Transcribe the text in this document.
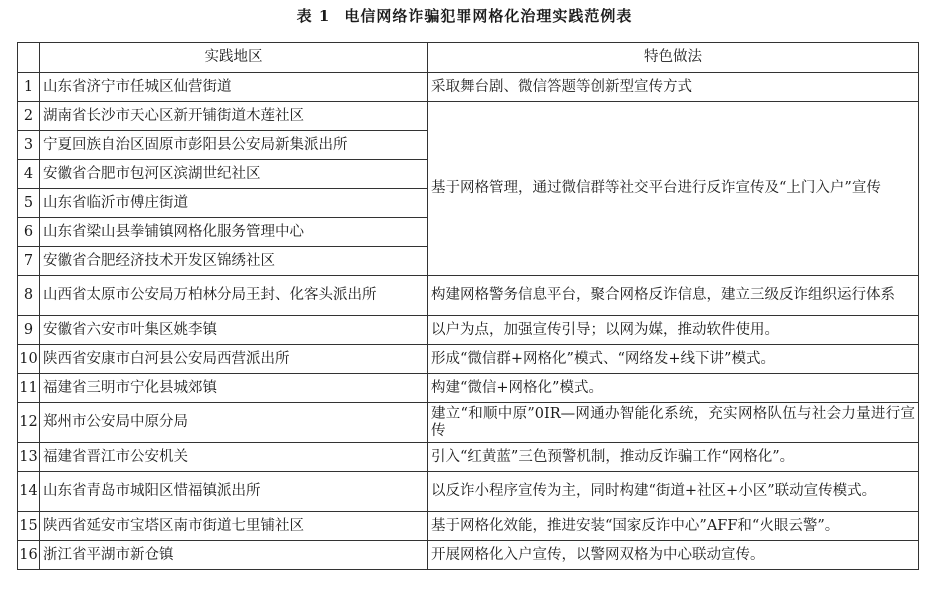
表 1 电信网络诈骗犯罪网格化治理实践范例表
	实践地区	特色做法
1	山东省济宁市任城区仙营街道	采取舞台剧、微信答题等创新型宣传方式
2	湖南省长沙市天心区新开铺街道木莲社区	基于网格管理，通过微信群等社交平台进行反诈宣传及“上门入户”宣传
3	宁夏回族自治区固原市彭阳县公安局新集派出所	
4	安徽省合肥市包河区滨湖世纪社区	
5	山东省临沂市傅庄街道	
6	山东省梁山县拳铺镇网格化服务管理中心	
7	安徽省合肥经济技术开发区锦绣社区	
8	山西省太原市公安局万柏林分局王封、化客头派出所	构建网格警务信息平台，聚合网格反诈信息，建立三级反诈组织运行体系
9	安徽省六安市叶集区姚李镇	以户为点，加强宣传引导；以网为媒，推动软件使用。
10	陕西省安康市白河县公安局西营派出所	形成“微信群+网格化”模式、“网络发+线下讲”模式。
11	福建省三明市宁化县城郊镇	构建“微信+网格化”模式。
12	郑州市公安局中原分局	建立“和顺中原”0IR—网通办智能化系统，充实网格队伍与社会力量进行宣传
13	福建省晋江市公安机关	引入“红黄蓝”三色预警机制，推动反诈骗工作“网格化”。
14	山东省青岛市城阳区惜福镇派出所	以反诈小程序宣传为主，同时构建“街道+社区+小区”联动宣传模式。
15	陕西省延安市宝塔区南市街道七里铺社区	基于网格化效能，推进安装“国家反诈中心”AFF和“火眼云警”。
16	浙江省平湖市新仓镇	开展网格化入户宣传，以警网双格为中心联动宣传。
